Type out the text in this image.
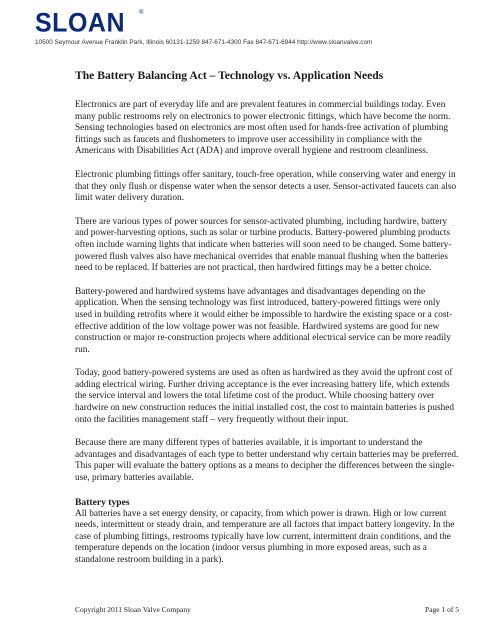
SLOAN ®
10500 Seymour Avenue Franklin Park, Illinois 60131-1259 847-671-4300 Fax 847-671-6944 http://www.sloanvalve.com
The Battery Balancing Act – Technology vs. Application Needs

Electronics are part of everyday life and are prevalent features in commercial buildings today. Even many public restrooms rely on electronics to power electronic fittings, which have become the norm. Sensing technologies based on electronics are most often used for hands-free activation of plumbing fittings such as faucets and flushometers to improve user accessibility in compliance with the Americans with Disabilities Act (ADA) and improve overall hygiene and restroom cleanliness.

Electronic plumbing fittings offer sanitary, touch-free operation, while conserving water and energy in that they only flush or dispense water when the sensor detects a user. Sensor-activated faucets can also limit water delivery duration.

There are various types of power sources for sensor-activated plumbing, including hardwire, battery and power-harvesting options, such as solar or turbine products. Battery-powered plumbing products often include warning lights that indicate when batteries will soon need to be changed. Some battery-powered flush valves also have mechanical overrides that enable manual flushing when the batteries need to be replaced. If batteries are not practical, then hardwired fittings may be a better choice.

Battery-powered and hardwired systems have advantages and disadvantages depending on the application. When the sensing technology was first introduced, battery-powered fittings were only used in building retrofits where it would either be impossible to hardwire the existing space or a cost-effective addition of the low voltage power was not feasible. Hardwired systems are good for new construction or major re-construction projects where additional electrical service can be more readily run.

Today, good battery-powered systems are used as often as hardwired as they avoid the upfront cost of adding electrical wiring. Further driving acceptance is the ever increasing battery life, which extends the service interval and lowers the total lifetime cost of the product. While choosing battery over hardwire on new construction reduces the initial installed cost, the cost to maintain batteries is pushed onto the facilities management staff – very frequently without their input.

Because there are many different types of batteries available, it is important to understand the advantages and disadvantages of each type to better understand why certain batteries may be preferred. This paper will evaluate the battery options as a means to decipher the differences between the single-use, primary batteries available.

Battery types

All batteries have a set energy density, or capacity, from which power is drawn. High or low current needs, intermittent or steady drain, and temperature are all factors that impact battery longevity. In the case of plumbing fittings, restrooms typically have low current, intermittent drain conditions, and the temperature depends on the location (indoor versus plumbing in more exposed areas, such as a standalone restroom building in a park).

Copyright 2011 Sloan Valve Company	Page 1 of 5
